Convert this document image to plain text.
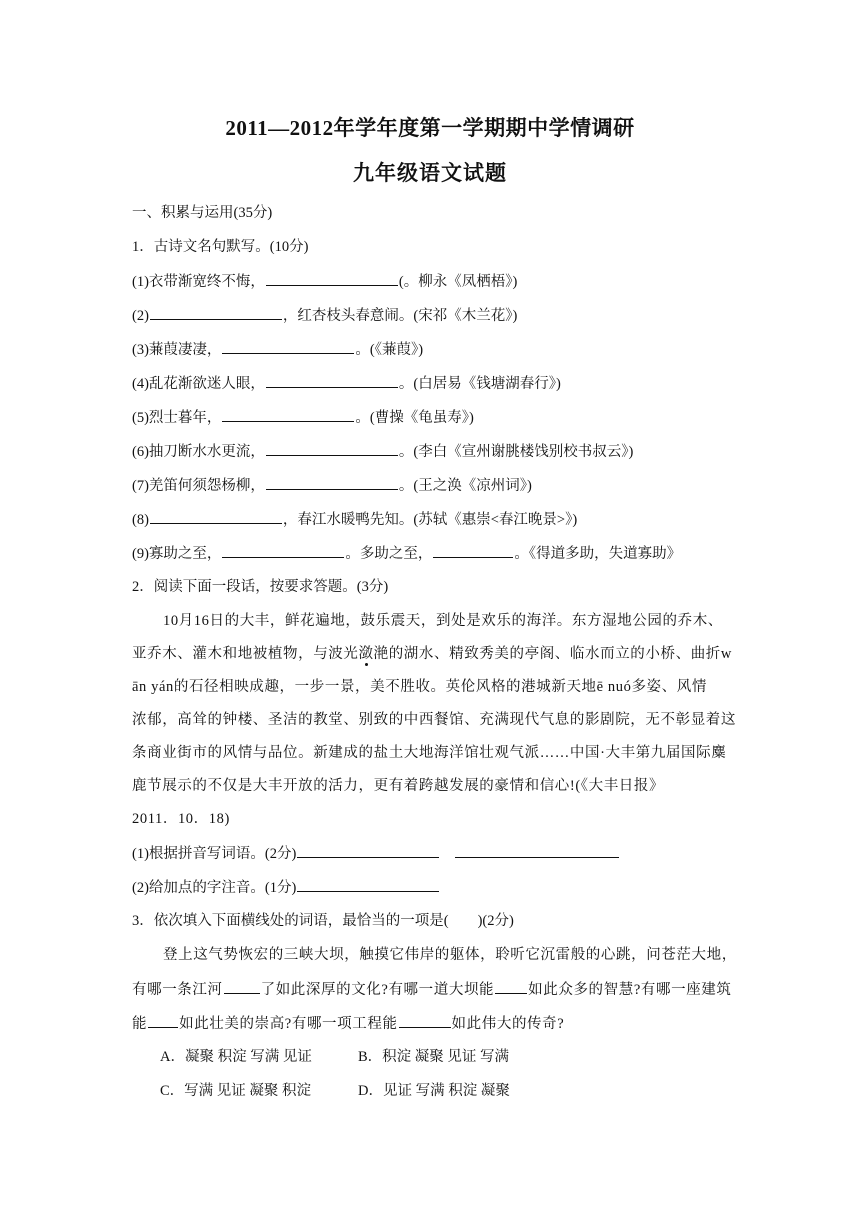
2011—2012年学年度第一学期期中学情调研
九年级语文试题
一、积累与运用(35分)
1．古诗文名句默写。(10分)
(1)衣带渐宽终不悔，	(。柳永《凤栖梧》)
(2)	，红杏枝头春意闹。(宋祁《木兰花》)
(3)蒹葭凄凄，	。(《蒹葭》)
(4)乱花渐欲迷人眼，	。(白居易《钱塘湖春行》)
(5)烈士暮年，	。(曹操《龟虽寿》)
(6)抽刀断水水更流，	。(李白《宣州谢朓楼饯别校书叔云》)
(7)羌笛何须怨杨柳，	。(王之涣《凉州词》)
(8)	，春江水暖鸭先知。(苏轼《惠崇<春江晚景>》)
(9)寡助之至，	。多助之至，	。《得道多助，失道寡助》
2．阅读下面一段话，按要求答题。(3分)
10月16日的大丰，鲜花遍地，鼓乐震天，到处是欢乐的海洋。东方湿地公园的乔木、
亚乔木、灌木和地被植物，与波光潋滟的湖水、精致秀美的亭阁、临水而立的小桥、曲折w
ān yán的石径相映成趣，一步一景，美不胜收。英伦风格的港城新天地ē nuó多姿、风情
浓郁，高耸的钟楼、圣洁的教堂、别致的中西餐馆、充满现代气息的影剧院，无不彰显着这
条商业街市的风情与品位。新建成的盐土大地海洋馆壮观气派……中国·大丰第九届国际麋
鹿节展示的不仅是大丰开放的活力，更有着跨越发展的豪情和信心!(《大丰日报》
2011．10．18)
(1)根据拼音写词语。(2分)
(2)给加点的字注音。(1分)
3．依次填入下面横线处的词语，最恰当的一项是(　　)(2分)
登上这气势恢宏的三峡大坝，触摸它伟岸的躯体，聆听它沉雷般的心跳，问苍茫大地，
有哪一条江河	了如此深厚的文化?有哪一道大坝能 如此众多的智慧?有哪一座建筑
能 如此壮美的崇高?有哪一项工程能	如此伟大的传奇?
A．凝聚 积淀 写满 见证	B．积淀 凝聚 见证 写满
C．写满 见证 凝聚 积淀	D．见证 写满 积淀 凝聚
